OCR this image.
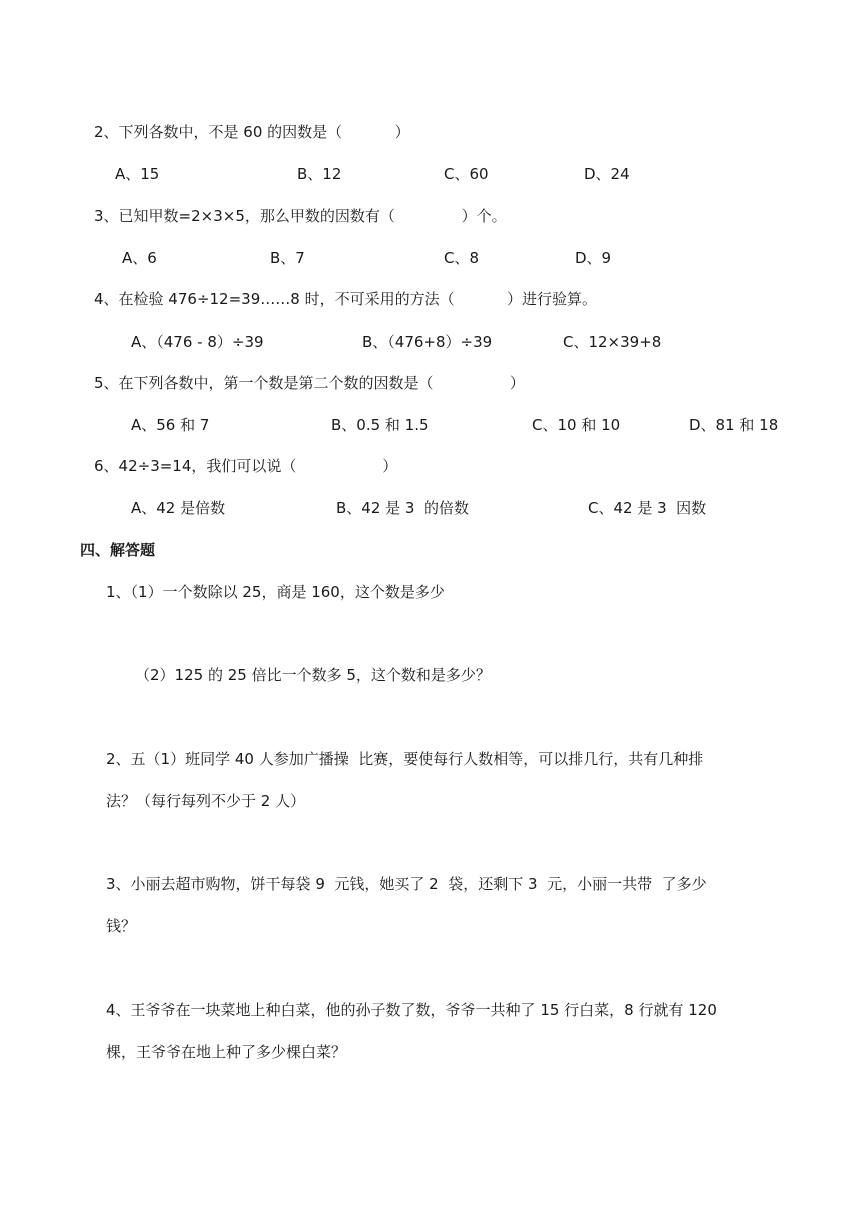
2、下列各数中，不是 60 的因数是（           ）
A、15	B、12	C、60	D、24
3、已知甲数=2×3×5，那么甲数的因数有（              ）个。
A、6	B、7	C、8	D、9
4、在检验 476÷12=39……8 时，不可采用的方法（           ）进行验算。
A、（476 - 8）÷39	B、（476+8）÷39	C、12×39+8
5、在下列各数中，第一个数是第二个数的因数是（                ）
A、56 和 7	B、0.5 和 1.5	C、10 和 10	D、81 和 18
6、42÷3=14，我们可以说（                  ）
A、42 是倍数	B、42 是 3  的倍数	C、42 是 3  因数
四、解答题
1、（1）一个数除以 25，商是 160，这个数是多少
（2）125 的 25 倍比一个数多 5，这个数和是多少？
2、五（1）班同学 40 人参加广播操  比赛，要使每行人数相等，可以排几行，共有几种排
法？（每行每列不少于 2 人）
3、小丽去超市购物，饼干每袋 9  元钱，她买了 2  袋，还剩下 3  元，小丽一共带  了多少
钱？
4、王爷爷在一块菜地上种白菜，他的孙子数了数，爷爷一共种了 15 行白菜，8 行就有 120
棵，王爷爷在地上种了多少棵白菜？
